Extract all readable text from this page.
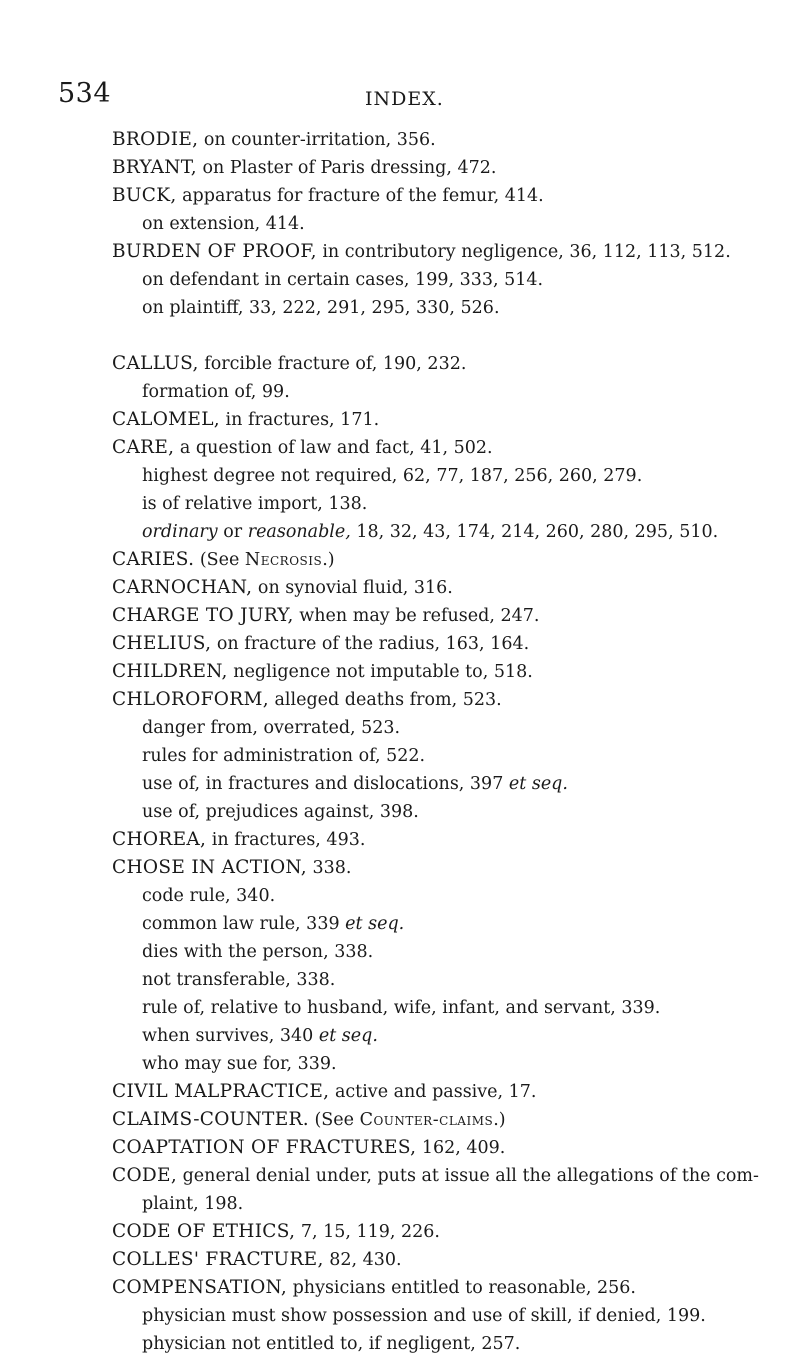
534	INDEX.
BRODIE, on counter-irritation, 356.
BRYANT, on Plaster of Paris dressing, 472.
BUCK, apparatus for fracture of the femur, 414.
on extension, 414.
BURDEN OF PROOF, in contributory negligence, 36, 112, 113, 512.
on defendant in certain cases, 199, 333, 514.
on plaintiff, 33, 222, 291, 295, 330, 526.
CALLUS, forcible fracture of, 190, 232.
formation of, 99.
CALOMEL, in fractures, 171.
CARE, a question of law and fact, 41, 502.
highest degree not required, 62, 77, 187, 256, 260, 279.
is of relative import, 138.
ordinary or reasonable, 18, 32, 43, 174, 214, 260, 280, 295, 510.
CARIES. (See Necrosis.)
CARNOCHAN, on synovial fluid, 316.
CHARGE TO JURY, when may be refused, 247.
CHELIUS, on fracture of the radius, 163, 164.
CHILDREN, negligence not imputable to, 518.
CHLOROFORM, alleged deaths from, 523.
danger from, overrated, 523.
rules for administration of, 522.
use of, in fractures and dislocations, 397 et seq.
use of, prejudices against, 398.
CHOREA, in fractures, 493.
CHOSE IN ACTION, 338.
code rule, 340.
common law rule, 339 et seq.
dies with the person, 338.
not transferable, 338.
rule of, relative to husband, wife, infant, and servant, 339.
when survives, 340 et seq.
who may sue for, 339.
CIVIL MALPRACTICE, active and passive, 17.
CLAIMS-COUNTER. (See Counter-claims.)
COAPTATION OF FRACTURES, 162, 409.
CODE, general denial under, puts at issue all the allegations of the com-
plaint, 198.
CODE OF ETHICS, 7, 15, 119, 226.
COLLES' FRACTURE, 82, 430.
COMPENSATION, physicians entitled to reasonable, 256.
physician must show possession and use of skill, if denied, 199.
physician not entitled to, if negligent, 257.
